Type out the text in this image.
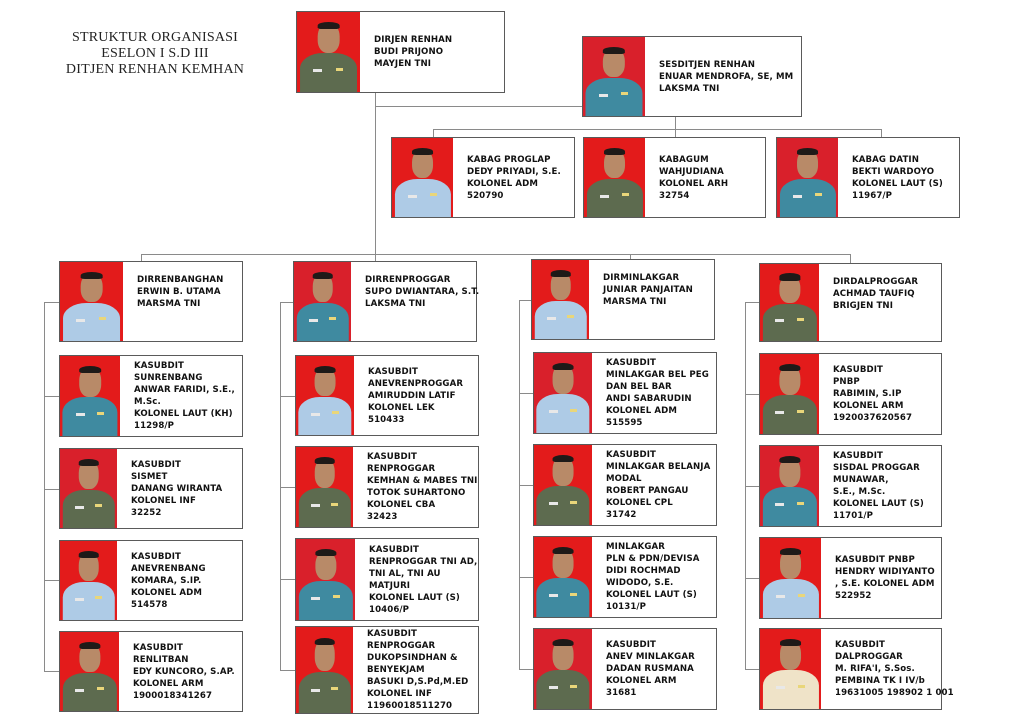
STRUKTUR ORGANISASI
ESELON I S.D III
DITJEN RENHAN KEMHAN
DIRJEN RENHAN
BUDI PRIJONO
MAYJEN TNI	SESDITJEN RENHAN
ENUAR MENDROFA, SE, MM
LAKSMA TNI
KABAG PROGLAP
DEDY PRIYADI, S.E.
KOLONEL ADM
520790
KABAGUM
WAHJUDIANA
KOLONEL ARH
32754
KABAG DATIN
BEKTI WARDOYO
KOLONEL LAUT (S)
11967/P
DIRRENBANGHAN
ERWIN B. UTAMA
MARSMA TNI
KASUBDIT
SUNRENBANG
ANWAR FARIDI, S.E.,
M.Sc.
KOLONEL LAUT (KH)
11298/P
KASUBDIT
SISMET
DANANG WIRANTA
KOLONEL INF
32252
KASUBDIT
ANEVRENBANG
KOMARA, S.IP.
KOLONEL ADM
514578
KASUBDIT
RENLITBAN
EDY KUNCORO, S.AP.
KOLONEL ARM
1900018341267
DIRRENPROGGAR
SUPO DWIANTARA, S.T.
LAKSMA TNI
KASUBDIT
ANEVRENPROGGAR
AMIRUDDIN LATIF
KOLONEL LEK
510433
KASUBDIT
RENPROGGAR
KEMHAN & MABES TNI
TOTOK SUHARTONO
KOLONEL CBA
32423
KASUBDIT
RENPROGGAR TNI AD,
TNI AL, TNI AU
MATJURI
KOLONEL LAUT (S)
10406/P
KASUBDIT
RENPROGGAR
DUKOPSINDHAN &
BENYEKJAM
BASUKI D,S.Pd,M.ED
KOLONEL INF
11960018511270
DIRMINLAKGAR
JUNIAR PANJAITAN
MARSMA TNI
KASUBDIT
MINLAKGAR BEL PEG
DAN BEL BAR
ANDI SABARUDIN
KOLONEL ADM
515595
KASUBDIT
MINLAKGAR BELANJA
MODAL
ROBERT PANGAU
KOLONEL CPL
31742
MINLAKGAR
PLN & PDN/DEVISA
DIDI ROCHMAD
WIDODO, S.E.
KOLONEL LAUT (S)
10131/P
KASUBDIT
ANEV MINLAKGAR
DADAN RUSMANA
KOLONEL ARM
31681
DIRDALPROGGAR
ACHMAD TAUFIQ
BRIGJEN TNI
KASUBDIT
PNBP
RABIMIN, S.IP
KOLONEL ARM
1920037620567
KASUBDIT
SISDAL PROGGAR
MUNAWAR,
S.E., M.Sc.
KOLONEL LAUT (S)
11701/P
KASUBDIT PNBP
HENDRY WIDIYANTO
, S.E. KOLONEL ADM
522952
KASUBDIT
DALPROGGAR
M. RIFA'I, S.Sos.
PEMBINA TK I IV/b
19631005 198902 1 001
